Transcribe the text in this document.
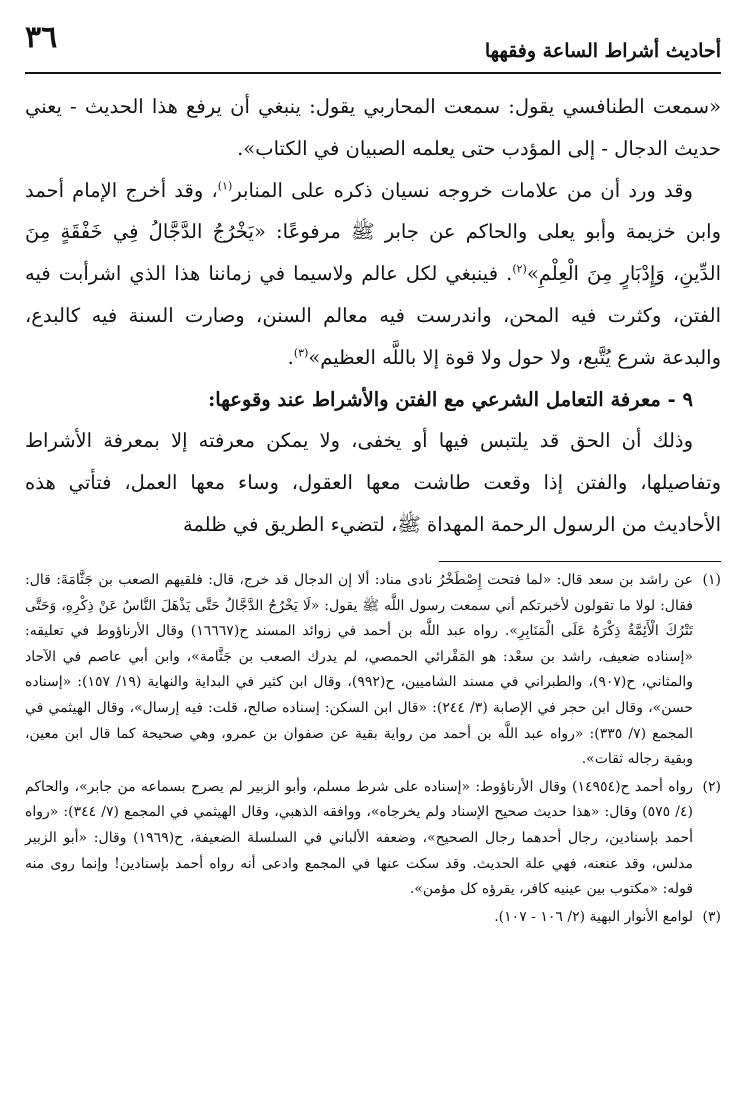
٣٦	أحاديث أشراط الساعة وفقهها

«سمعت الطنافسي يقول: سمعت المحاربي يقول: ينبغي أن يرفع هذا الحديث - يعني حديث الدجال - إلى المؤدب حتى يعلمه الصبيان في الكتاب».

وقد ورد أن من علامات خروجه نسيان ذكره على المنابر$^{(١)}$، وقد أخرج الإمام أحمد وابن خزيمة وأبو يعلى والحاكم عن جابر ﷺ مرفوعًا: «يَخْرُجُ الدَّجَّالُ فِي خَفْقَةٍ مِنَ الدِّينِ، وَإِدْبَارٍ مِنَ الْعِلْمِ»$^{(٢)}$. فينبغي لكل عالم ولاسيما في زماننا هذا الذي اشرأبت فيه الفتن، وكثرت فيه المحن، واندرست فيه معالم السنن، وصارت السنة فيه كالبدع، والبدعة شرع يُتَّبع، ولا حول ولا قوة إلا باللَّه العظيم»$^{(٣)}$.

٩ - معرفة التعامل الشرعي مع الفتن والأشراط عند وقوعها:

وذلك أن الحق قد يلتبس فيها أو يخفى، ولا يمكن معرفته إلا بمعرفة الأشراط وتفاصيلها، والفتن إذا وقعت طاشت معها العقول، وساء معها العمل، فتأتي هذه الأحاديث من الرسول الرحمة المهداة ﷺ، لتضيء الطريق في ظلمة

(١)
عن راشد بن سعد قال: «لما فتحت إِصْطَخْرُ نادى مناد: ألا إن الدجال قد خرج، قال: فلقيهم الصعب بن جَثَّامَةَ: قال: فقال: لولا ما تقولون لأخبرتكم أني سمعت رسول اللَّه ﷺ يقول: «لَا يَخْرُجُ الدَّجَّالُ حَتَّى يَذْهَلَ النَّاسُ عَنْ ذِكْرِهِ، وَحَتَّى تَتْرُكَ الْأَئِمَّةُ ذِكْرَهُ عَلَى الْمَنَابِرِ». رواه عبد اللَّه بن أحمد في زوائد المسند ح(١٦٦٦٧) وقال الأرناؤوط في تعليقه: «إسناده ضعيف، راشد بن سعْد: هو المَقْرائي الحمصي، لم يدرك الصعب بن جَثَّامة»، وابن أبي عاصم في الآحاد والمثاني، ح(٩٠٧)، والطبراني في مسند الشاميين، ح(٩٩٢)، وقال ابن كثير في البداية والنهاية (١٩/ ١٥٧): «إسناده حسن»، وقال ابن حجر في الإصابة (٣/ ٢٤٤): «قال ابن السكن: إسناده صالح، قلت: فيه إرسال»، وقال الهيثمي في المجمع (٧/ ٣٣٥): «رواه عبد اللَّه بن أحمد من رواية بقية عن صفوان بن عمرو، وهي صحيحة كما قال ابن معين، وبقية رجاله ثقات».
(٢)
رواه أحمد ح(١٤٩٥٤) وقال الأرناؤوط: «إسناده على شرط مسلم، وأبو الزبير لم يصرح بسماعه من جابر»، والحاكم (٤/ ٥٧٥) وقال: «هذا حديث صحيح الإسناد ولم يخرجاه»، ووافقه الذهبي، وقال الهيثمي في المجمع (٧/ ٣٤٤): «رواه أحمد بإسنادين، رجال أحدهما رجال الصحيح»، وضعفه الألباني في السلسلة الضعيفة، ح(١٩٦٩) وقال: «أبو الزبير مدلس، وقد عنعنه، فهي علة الحديث. وقد سكت عنها في المجمع وادعى أنه رواه أحمد بإسنادين! وإنما روى منه قوله: «مكتوب بين عينيه كافر، يقرؤه كل مؤمن».
(٣)
لوامع الأنوار البهية (٢/ ١٠٦ - ١٠٧).
